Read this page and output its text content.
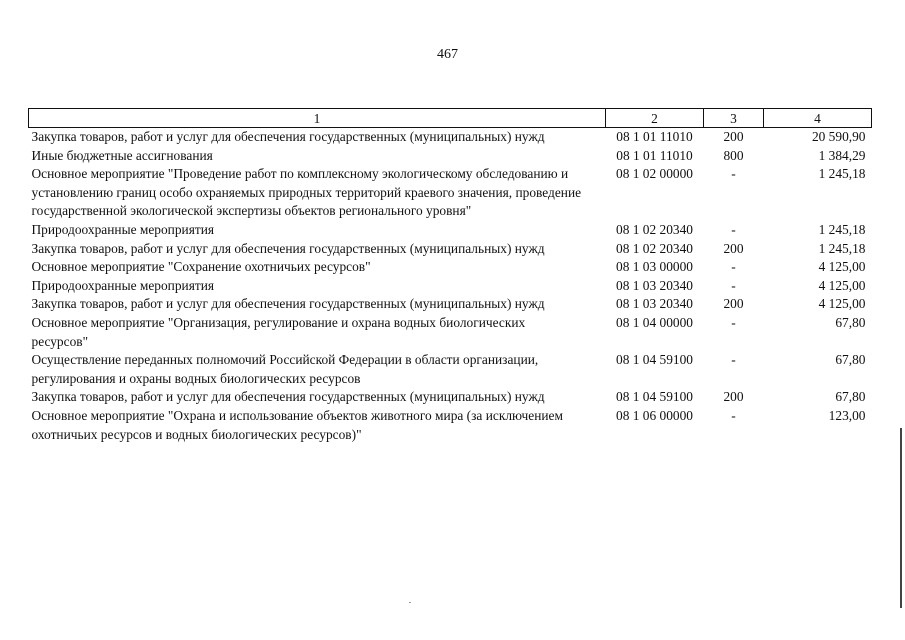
467
1	2	3	4
Закупка товаров, работ и услуг для обеспечения государственных (муниципальных) нужд	08 1 01 11010	200	20 590,90
Иные бюджетные ассигнования	08 1 01 11010	800	1 384,29
Основное мероприятие "Проведение работ по комплексному экологическому обследованию и установлению границ особо охраняемых природных территорий краевого значения, проведение государственной экологической экспертизы объектов регионального уровня"	08 1 02 00000	-	1 245,18
Природоохранные мероприятия	08 1 02 20340	-	1 245,18
Закупка товаров, работ и услуг для обеспечения государственных (муниципальных) нужд	08 1 02 20340	200	1 245,18
Основное мероприятие "Сохранение охотничьих ресурсов"	08 1 03 00000	-	4 125,00
Природоохранные мероприятия	08 1 03 20340	-	4 125,00
Закупка товаров, работ и услуг для обеспечения государственных (муниципальных) нужд	08 1 03 20340	200	4 125,00
Основное мероприятие "Организация, регулирование и охрана водных биологических ресурсов"	08 1 04 00000	-	67,80
Осуществление переданных полномочий Российской Федерации в области организации, регулирования и охраны водных биологических ресурсов	08 1 04 59100	-	67,80
Закупка товаров, работ и услуг для обеспечения государственных (муниципальных) нужд	08 1 04 59100	200	67,80
Основное мероприятие "Охрана и использование объектов животного мира (за исключением охотничьих ресурсов и водных биологических ресурсов)"	08 1 06 00000	-	123,00
